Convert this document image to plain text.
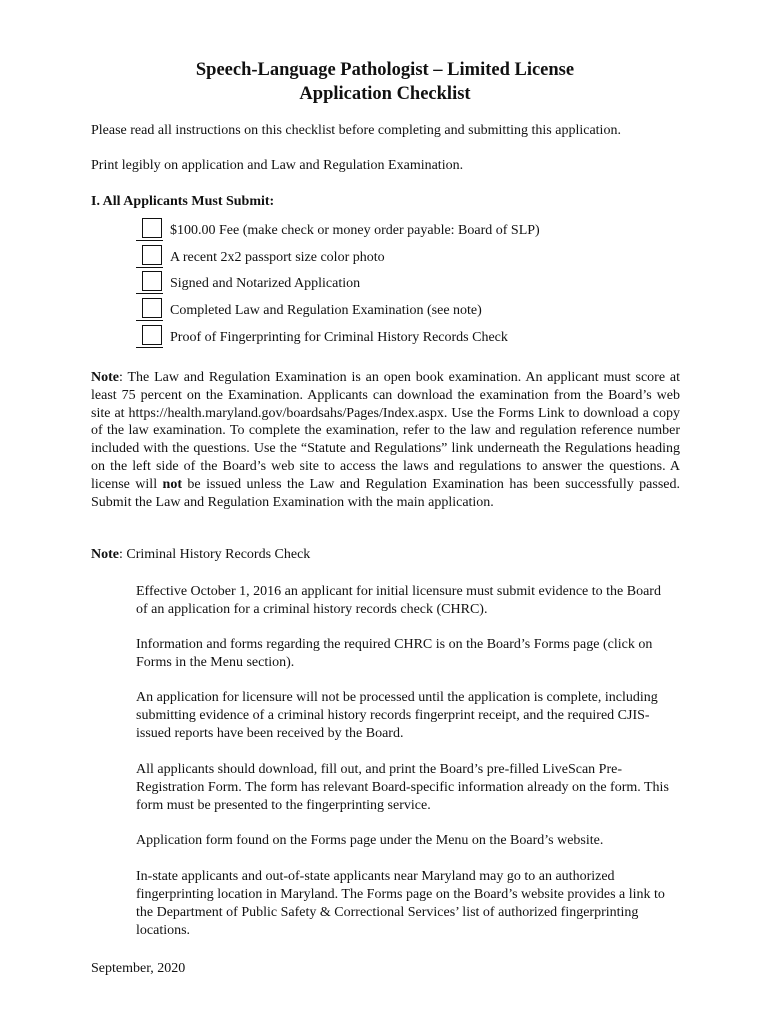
Speech-Language Pathologist – Limited License
Application Checklist
Please read all instructions on this checklist before completing and submitting this application.
Print legibly on application and Law and Regulation Examination.
I. All Applicants Must Submit:
$100.00 Fee (make check or money order payable: Board of SLP)
A recent 2x2 passport size color photo
Signed and Notarized Application
Completed Law and Regulation Examination (see note)
Proof of Fingerprinting for Criminal History Records Check
Note: The Law and Regulation Examination is an open book examination. An applicant must score at least 75 percent on the Examination. Applicants can download the examination from the Board’s web site at https://health.maryland.gov/boardsahs/Pages/Index.aspx. Use the Forms Link to download a copy of the law examination. To complete the examination, refer to the law and regulation reference number included with the questions. Use the “Statute and Regulations” link underneath the Regulations heading on the left side of the Board’s web site to access the laws and regulations to answer the questions. A license will not be issued unless the Law and Regulation Examination has been successfully passed. Submit the Law and Regulation Examination with the main application.
Note: Criminal History Records Check
Effective October 1, 2016 an applicant for initial licensure must submit evidence to the Board of an application for a criminal history records check (CHRC).
Information and forms regarding the required CHRC is on the Board’s Forms page (click on Forms in the Menu section).
An application for licensure will not be processed until the application is complete, including submitting evidence of a criminal history records fingerprint receipt, and the required CJIS-issued reports have been received by the Board.
All applicants should download, fill out, and print the Board’s pre-filled LiveScan Pre-Registration Form. The form has relevant Board-specific information already on the form. This form must be presented to the fingerprinting service.
Application form found on the Forms page under the Menu on the Board’s website.
In-state applicants and out-of-state applicants near Maryland may go to an authorized fingerprinting location in Maryland. The Forms page on the Board’s website provides a link to the Department of Public Safety & Correctional Services’ list of authorized fingerprinting locations.
September, 2020
